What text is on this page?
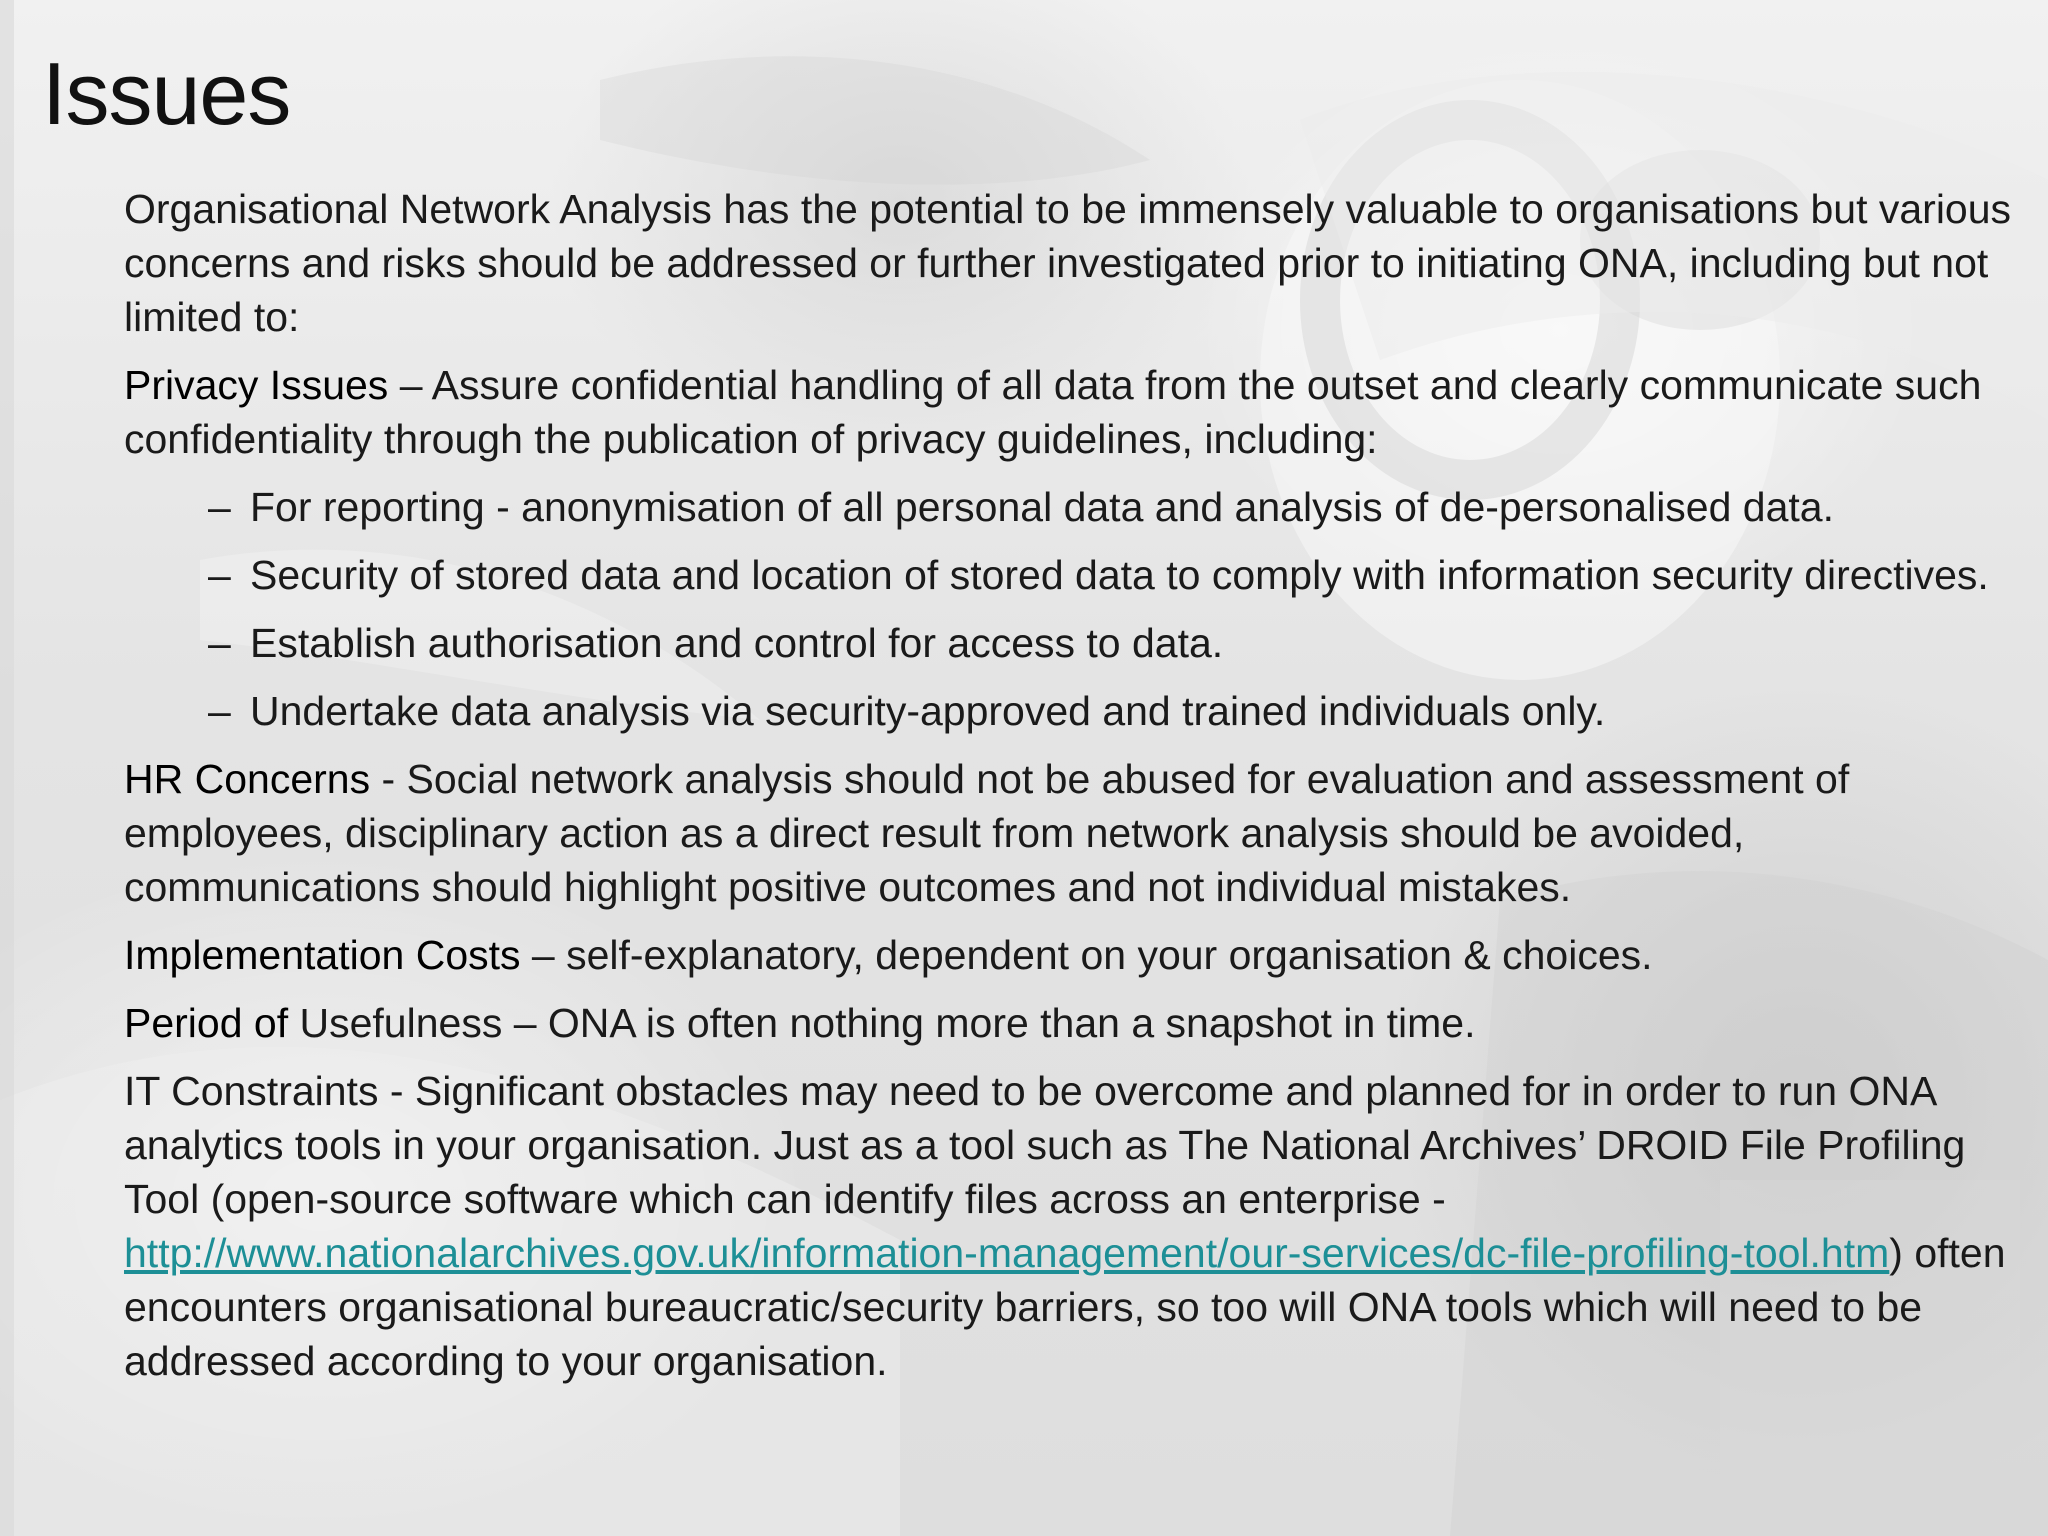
Issues

Organisational Network Analysis has the potential to be immensely valuable to organisations but various concerns and risks should be addressed or further investigated prior to initiating ONA, including but not limited to:

Privacy Issues – Assure confidential handling of all data from the outset and clearly communicate such confidentiality through the publication of privacy guidelines, including:

– For reporting - anonymisation of all personal data and analysis of de-personalised data.

– Security of stored data and location of stored data to comply with information security directives.

– Establish authorisation and control for access to data.

– Undertake data analysis via security-approved and trained individuals only.

HR Concerns - Social network analysis should not be abused for evaluation and assessment of employees, disciplinary action as a direct result from network analysis should be avoided, communications should highlight positive outcomes and not individual mistakes.

Implementation Costs – self-explanatory, dependent on your organisation & choices.

Period of Usefulness – ONA is often nothing more than a snapshot in time.

IT Constraints - Significant obstacles may need to be overcome and planned for in order to run ONA analytics tools in your organisation. Just as a tool such as The National Archives’ DROID File Profiling Tool (open-source software which can identify files across an enterprise - http://www.nationalarchives.gov.uk/information-management/our-services/dc-file-profiling-tool.htm) often encounters organisational bureaucratic/security barriers, so too will ONA tools which will need to be addressed according to your organisation.
